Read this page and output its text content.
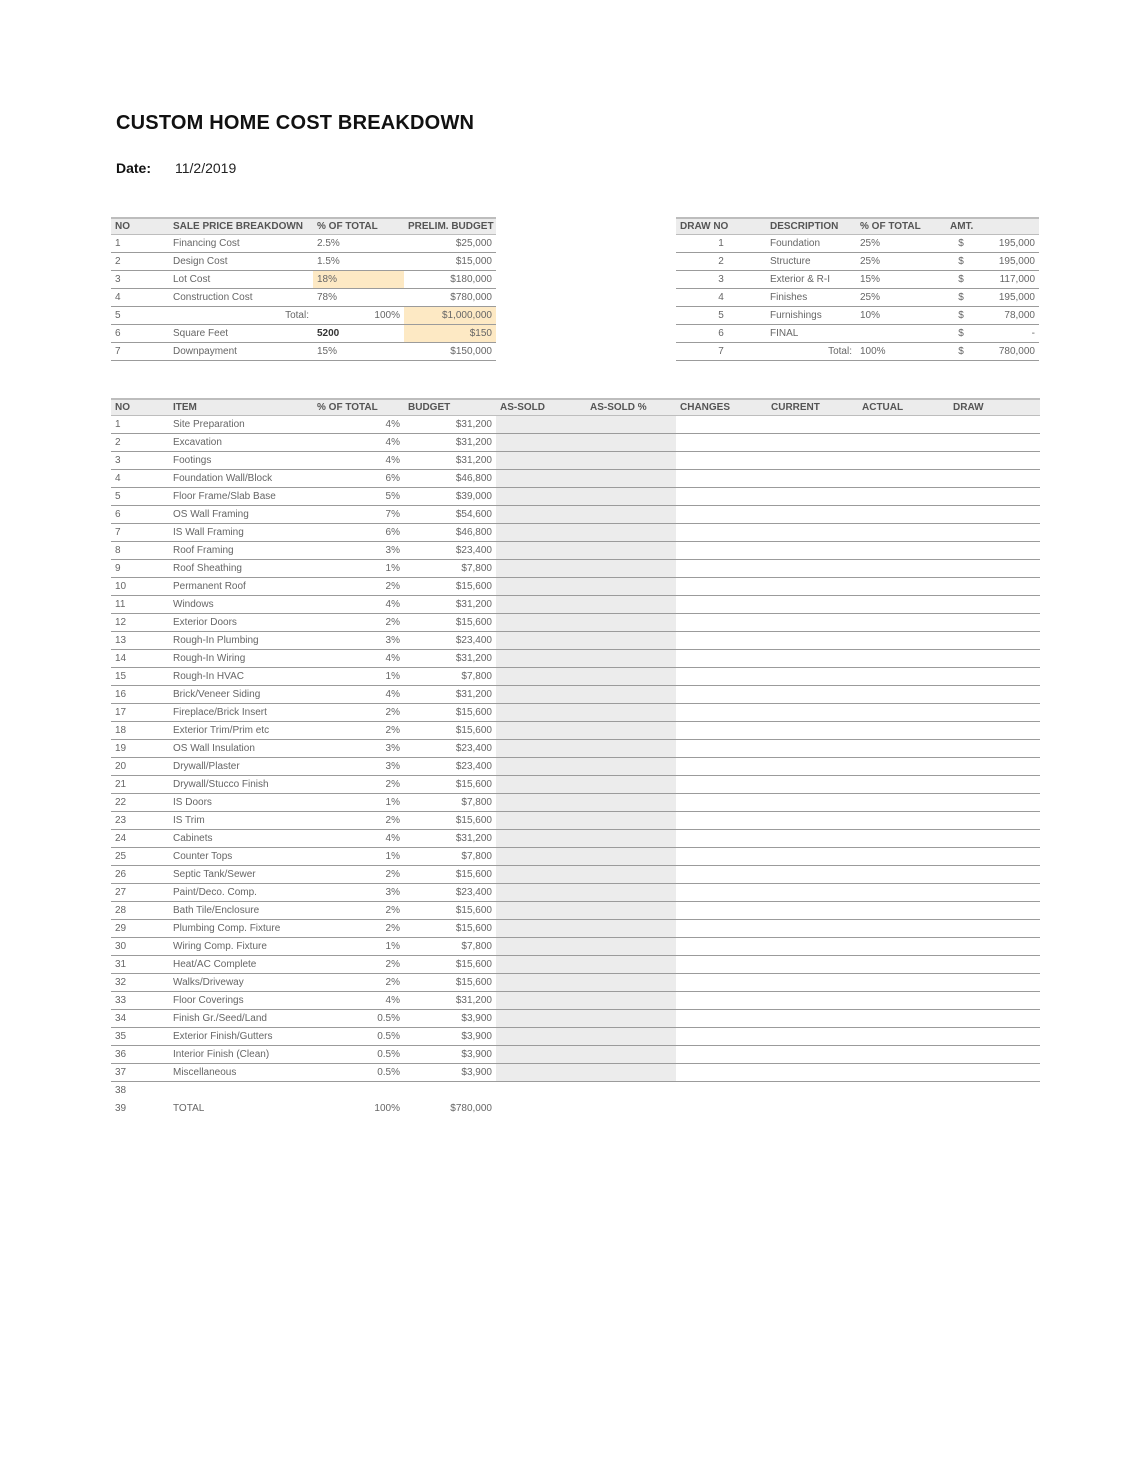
CUSTOM HOME COST BREAKDOWN
Date: 11/2/2019
NO	SALE PRICE BREAKDOWN	% OF TOTAL	PRELIM. BUDGET
1	Financing Cost	2.5%	$25,000
2	Design Cost	1.5%	$15,000
3	Lot Cost	18%	$180,000
4	Construction Cost	78%	$780,000
5	Total:	100%	$1,000,000
6	Square Feet	5200	$150
7	Downpayment	15%	$150,000
DRAW NO	DESCRIPTION	% OF TOTAL	AMT.	
1	Foundation	25%	$	195,000
2	Structure	25%	$	195,000
3	Exterior & R-I	15%	$	117,000
4	Finishes	25%	$	195,000
5	Furnishings	10%	$	78,000
6	FINAL		$	-
7	Total:	100%	$	780,000
NO	ITEM	% OF TOTAL	BUDGET	AS-SOLD	AS-SOLD %	CHANGES	CURRENT	ACTUAL	DRAW
1	Site Preparation	4%	$31,200						
2	Excavation	4%	$31,200						
3	Footings	4%	$31,200						
4	Foundation Wall/Block	6%	$46,800						
5	Floor Frame/Slab Base	5%	$39,000						
6	OS Wall Framing	7%	$54,600						
7	IS Wall Framing	6%	$46,800						
8	Roof Framing	3%	$23,400						
9	Roof Sheathing	1%	$7,800						
10	Permanent Roof	2%	$15,600						
11	Windows	4%	$31,200						
12	Exterior Doors	2%	$15,600						
13	Rough-In Plumbing	3%	$23,400						
14	Rough-In Wiring	4%	$31,200						
15	Rough-In HVAC	1%	$7,800						
16	Brick/Veneer Siding	4%	$31,200						
17	Fireplace/Brick Insert	2%	$15,600						
18	Exterior Trim/Prim etc	2%	$15,600						
19	OS Wall Insulation	3%	$23,400						
20	Drywall/Plaster	3%	$23,400						
21	Drywall/Stucco Finish	2%	$15,600						
22	IS Doors	1%	$7,800						
23	IS Trim	2%	$15,600						
24	Cabinets	4%	$31,200						
25	Counter Tops	1%	$7,800						
26	Septic Tank/Sewer	2%	$15,600						
27	Paint/Deco. Comp.	3%	$23,400						
28	Bath Tile/Enclosure	2%	$15,600						
29	Plumbing Comp. Fixture	2%	$15,600						
30	Wiring Comp. Fixture	1%	$7,800						
31	Heat/AC Complete	2%	$15,600						
32	Walks/Driveway	2%	$15,600						
33	Floor Coverings	4%	$31,200						
34	Finish Gr./Seed/Land	0.5%	$3,900						
35	Exterior Finish/Gutters	0.5%	$3,900						
36	Interior Finish (Clean)	0.5%	$3,900						
37	Miscellaneous	0.5%	$3,900						
38									
39	TOTAL	100%	$780,000						
